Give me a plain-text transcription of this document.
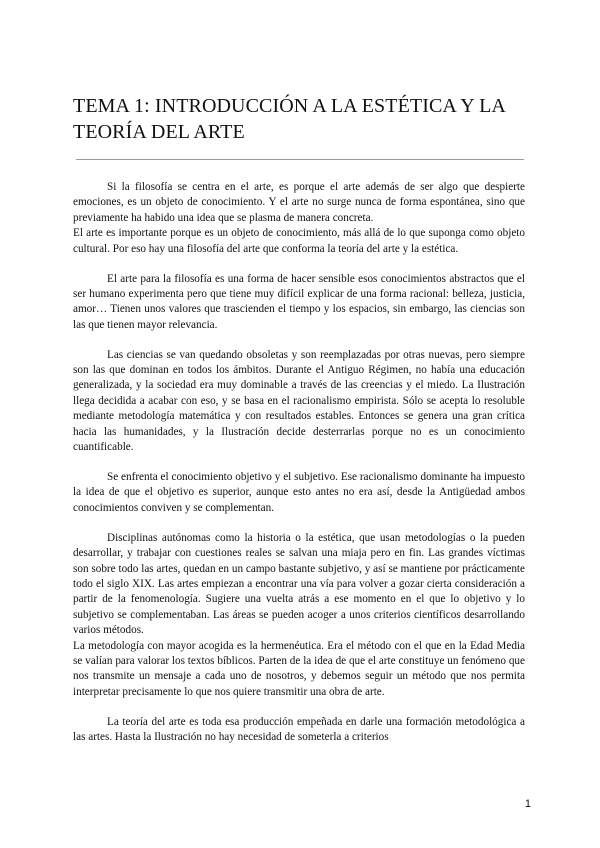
TEMA 1: INTRODUCCIÓN A LA ESTÉTICA Y LA TEORÍA DEL ARTE

Si la filosofía se centra en el arte, es porque el arte además de ser algo que despierte emociones, es un objeto de conocimiento. Y el arte no surge nunca de forma espontánea, sino que previamente ha habido una idea que se plasma de manera concreta.

El arte es importante porque es un objeto de conocimiento, más allá de lo que suponga como objeto cultural. Por eso hay una filosofía del arte que conforma la teoría del arte y la estética.

El arte para la filosofía es una forma de hacer sensible esos conocimientos abstractos que el ser humano experimenta pero que tiene muy difícil explicar de una forma racional: belleza, justicia, amor… Tienen unos valores que trascienden el tiempo y los espacios, sin embargo, las ciencias son las que tienen mayor relevancia.

Las ciencias se van quedando obsoletas y son reemplazadas por otras nuevas, pero siempre son las que dominan en todos los ámbitos. Durante el Antiguo Régimen, no había una educación generalizada, y la sociedad era muy dominable a través de las creencias y el miedo. La Ilustración llega decidida a acabar con eso, y se basa en el racionalismo empirista. Sólo se acepta lo resoluble mediante metodología matemática y con resultados estables. Entonces se genera una gran crítica hacia las humanidades, y la Ilustración decide desterrarlas porque no es un conocimiento cuantificable.

Se enfrenta el conocimiento objetivo y el subjetivo. Ese racionalismo dominante ha impuesto la idea de que el objetivo es superior, aunque esto antes no era así, desde la Antigüedad ambos conocimientos conviven y se complementan.

Disciplinas autónomas como la historia o la estética, que usan metodologías o la pueden desarrollar, y trabajar con cuestiones reales se salvan una miaja pero en fin. Las grandes víctimas son sobre todo las artes, quedan en un campo bastante subjetivo, y así se mantiene por prácticamente todo el siglo XIX. Las artes empiezan a encontrar una vía para volver a gozar cierta consideración a partir de la fenomenología. Sugiere una vuelta atrás a ese momento en el que lo objetivo y lo subjetivo se complementaban. Las áreas se pueden acoger a unos criterios científicos desarrollando varios métodos.

La metodología con mayor acogida es la hermenéutica. Era el método con el que en la Edad Media se valían para valorar los textos bíblicos. Parten de la idea de que el arte constituye un fenómeno que nos transmite un mensaje a cada uno de nosotros, y debemos seguir un método que nos permita interpretar precisamente lo que nos quiere transmitir una obra de arte.

La teoría del arte es toda esa producción empeñada en darle una formación metodológica a las artes. Hasta la Ilustración no hay necesidad de someterla a criterios

1
